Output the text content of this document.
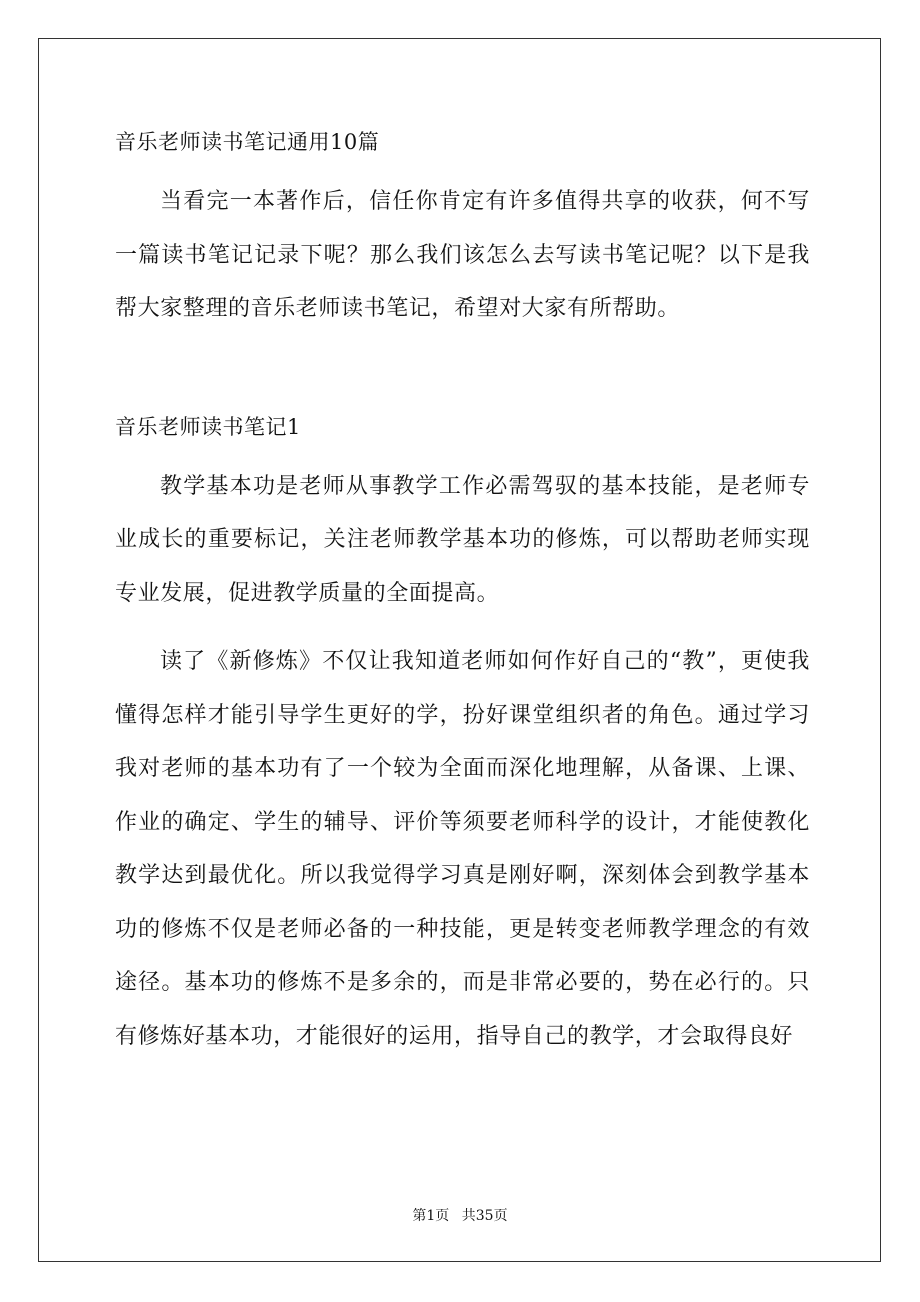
音乐老师读书笔记通用10篇

当看完一本著作后，信任你肯定有许多值得共享的收获，何不写一篇读书笔记记录下呢？那么我们该怎么去写读书笔记呢？以下是我帮大家整理的音乐老师读书笔记，希望对大家有所帮助。

音乐老师读书笔记1

教学基本功是老师从事教学工作必需驾驭的基本技能，是老师专业成长的重要标记，关注老师教学基本功的修炼，可以帮助老师实现专业发展，促进教学质量的全面提高。

读了《新修炼》不仅让我知道老师如何作好自己的“教”，更使我懂得怎样才能引导学生更好的学，扮好课堂组织者的角色。通过学习我对老师的基本功有了一个较为全面而深化地理解，从备课、上课、作业的确定、学生的辅导、评价等须要老师科学的设计，才能使教化教学达到最优化。所以我觉得学习真是刚好啊，深刻体会到教学基本功的修炼不仅是老师必备的一种技能，更是转变老师教学理念的有效途径。基本功的修炼不是多余的，而是非常必要的，势在必行的。只有修炼好基本功，才能很好的运用，指导自己的教学，才会取得良好

第1页 共35页
